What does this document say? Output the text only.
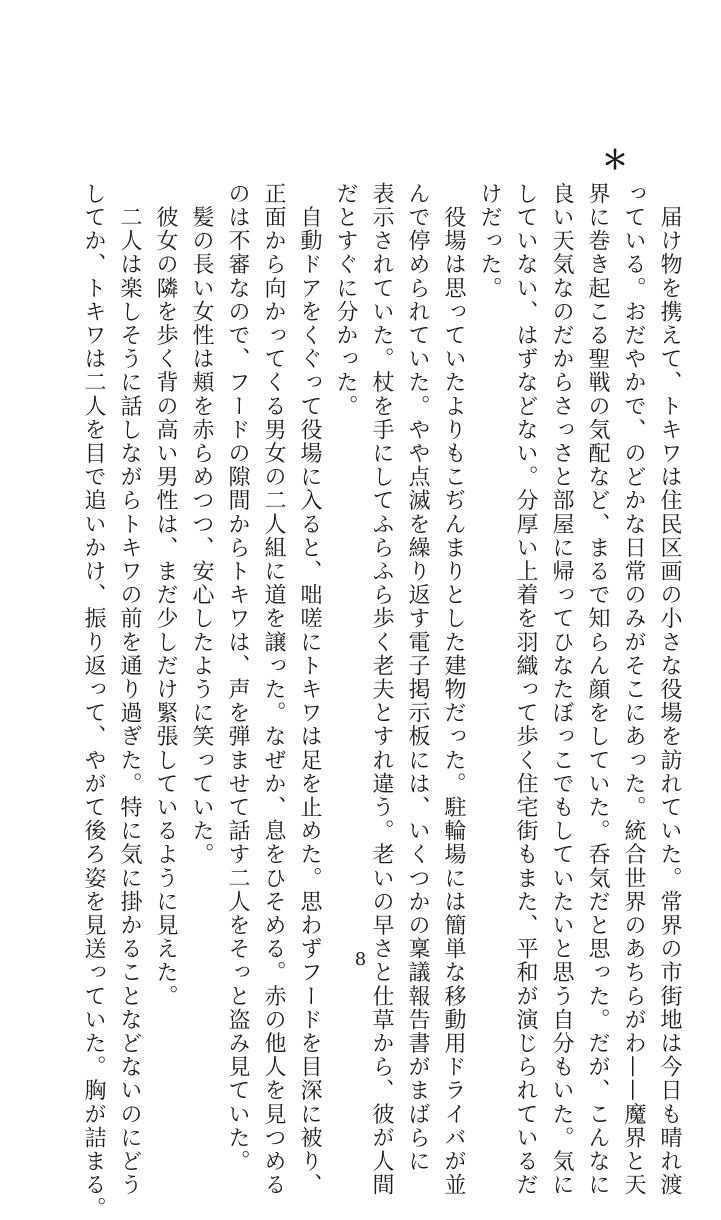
＊

　届け物を携えて、トキワは住民区画の小さな役場を訪れていた。常界の市街地は今日も晴れ渡

っている。おだやかで、のどかな日常のみがそこにあった。統合世界のあちらがわ——魔界と天

界に巻き起こる聖戦の気配など、まるで知らん顔をしていた。呑気だと思った。だが、こんなに

良い天気なのだからさっさと部屋に帰ってひなたぼっこでもしていたいと思う自分もいた。気に

していない、はずなどない。分厚い上着を羽織って歩く住宅街もまた、平和が演じられているだ

けだった。

　役場は思っていたよりもこぢんまりとした建物だった。駐輪場には簡単な移動用ドライバが並

んで停められていた。やや点滅を繰り返す電子掲示板には、いくつかの稟議報告書がまばらに

表示されていた。杖を手にしてふらふら歩く老夫とすれ違う。老いの早さと仕草から、彼が人間

だとすぐに分かった。

　自動ドアをくぐって役場に入ると、咄嗟にトキワは足を止めた。思わずフードを目深に被り、

正面から向かってくる男女の二人組に道を譲った。なぜか、息をひそめる。赤の他人を見つめる

のは不審なので、フードの隙間からトキワは、声を弾ませて話す二人をそっと盗み見ていた。

　髪の長い女性は頬を赤らめつつ、安心したように笑っていた。

　彼女の隣を歩く背の高い男性は、まだ少しだけ緊張しているように見えた。

　二人は楽しそうに話しながらトキワの前を通り過ぎた。特に気に掛かることなどないのにどう

してか、トキワは二人を目で追いかけ、振り返って、やがて後ろ姿を見送っていた。胸が詰まる。	8
